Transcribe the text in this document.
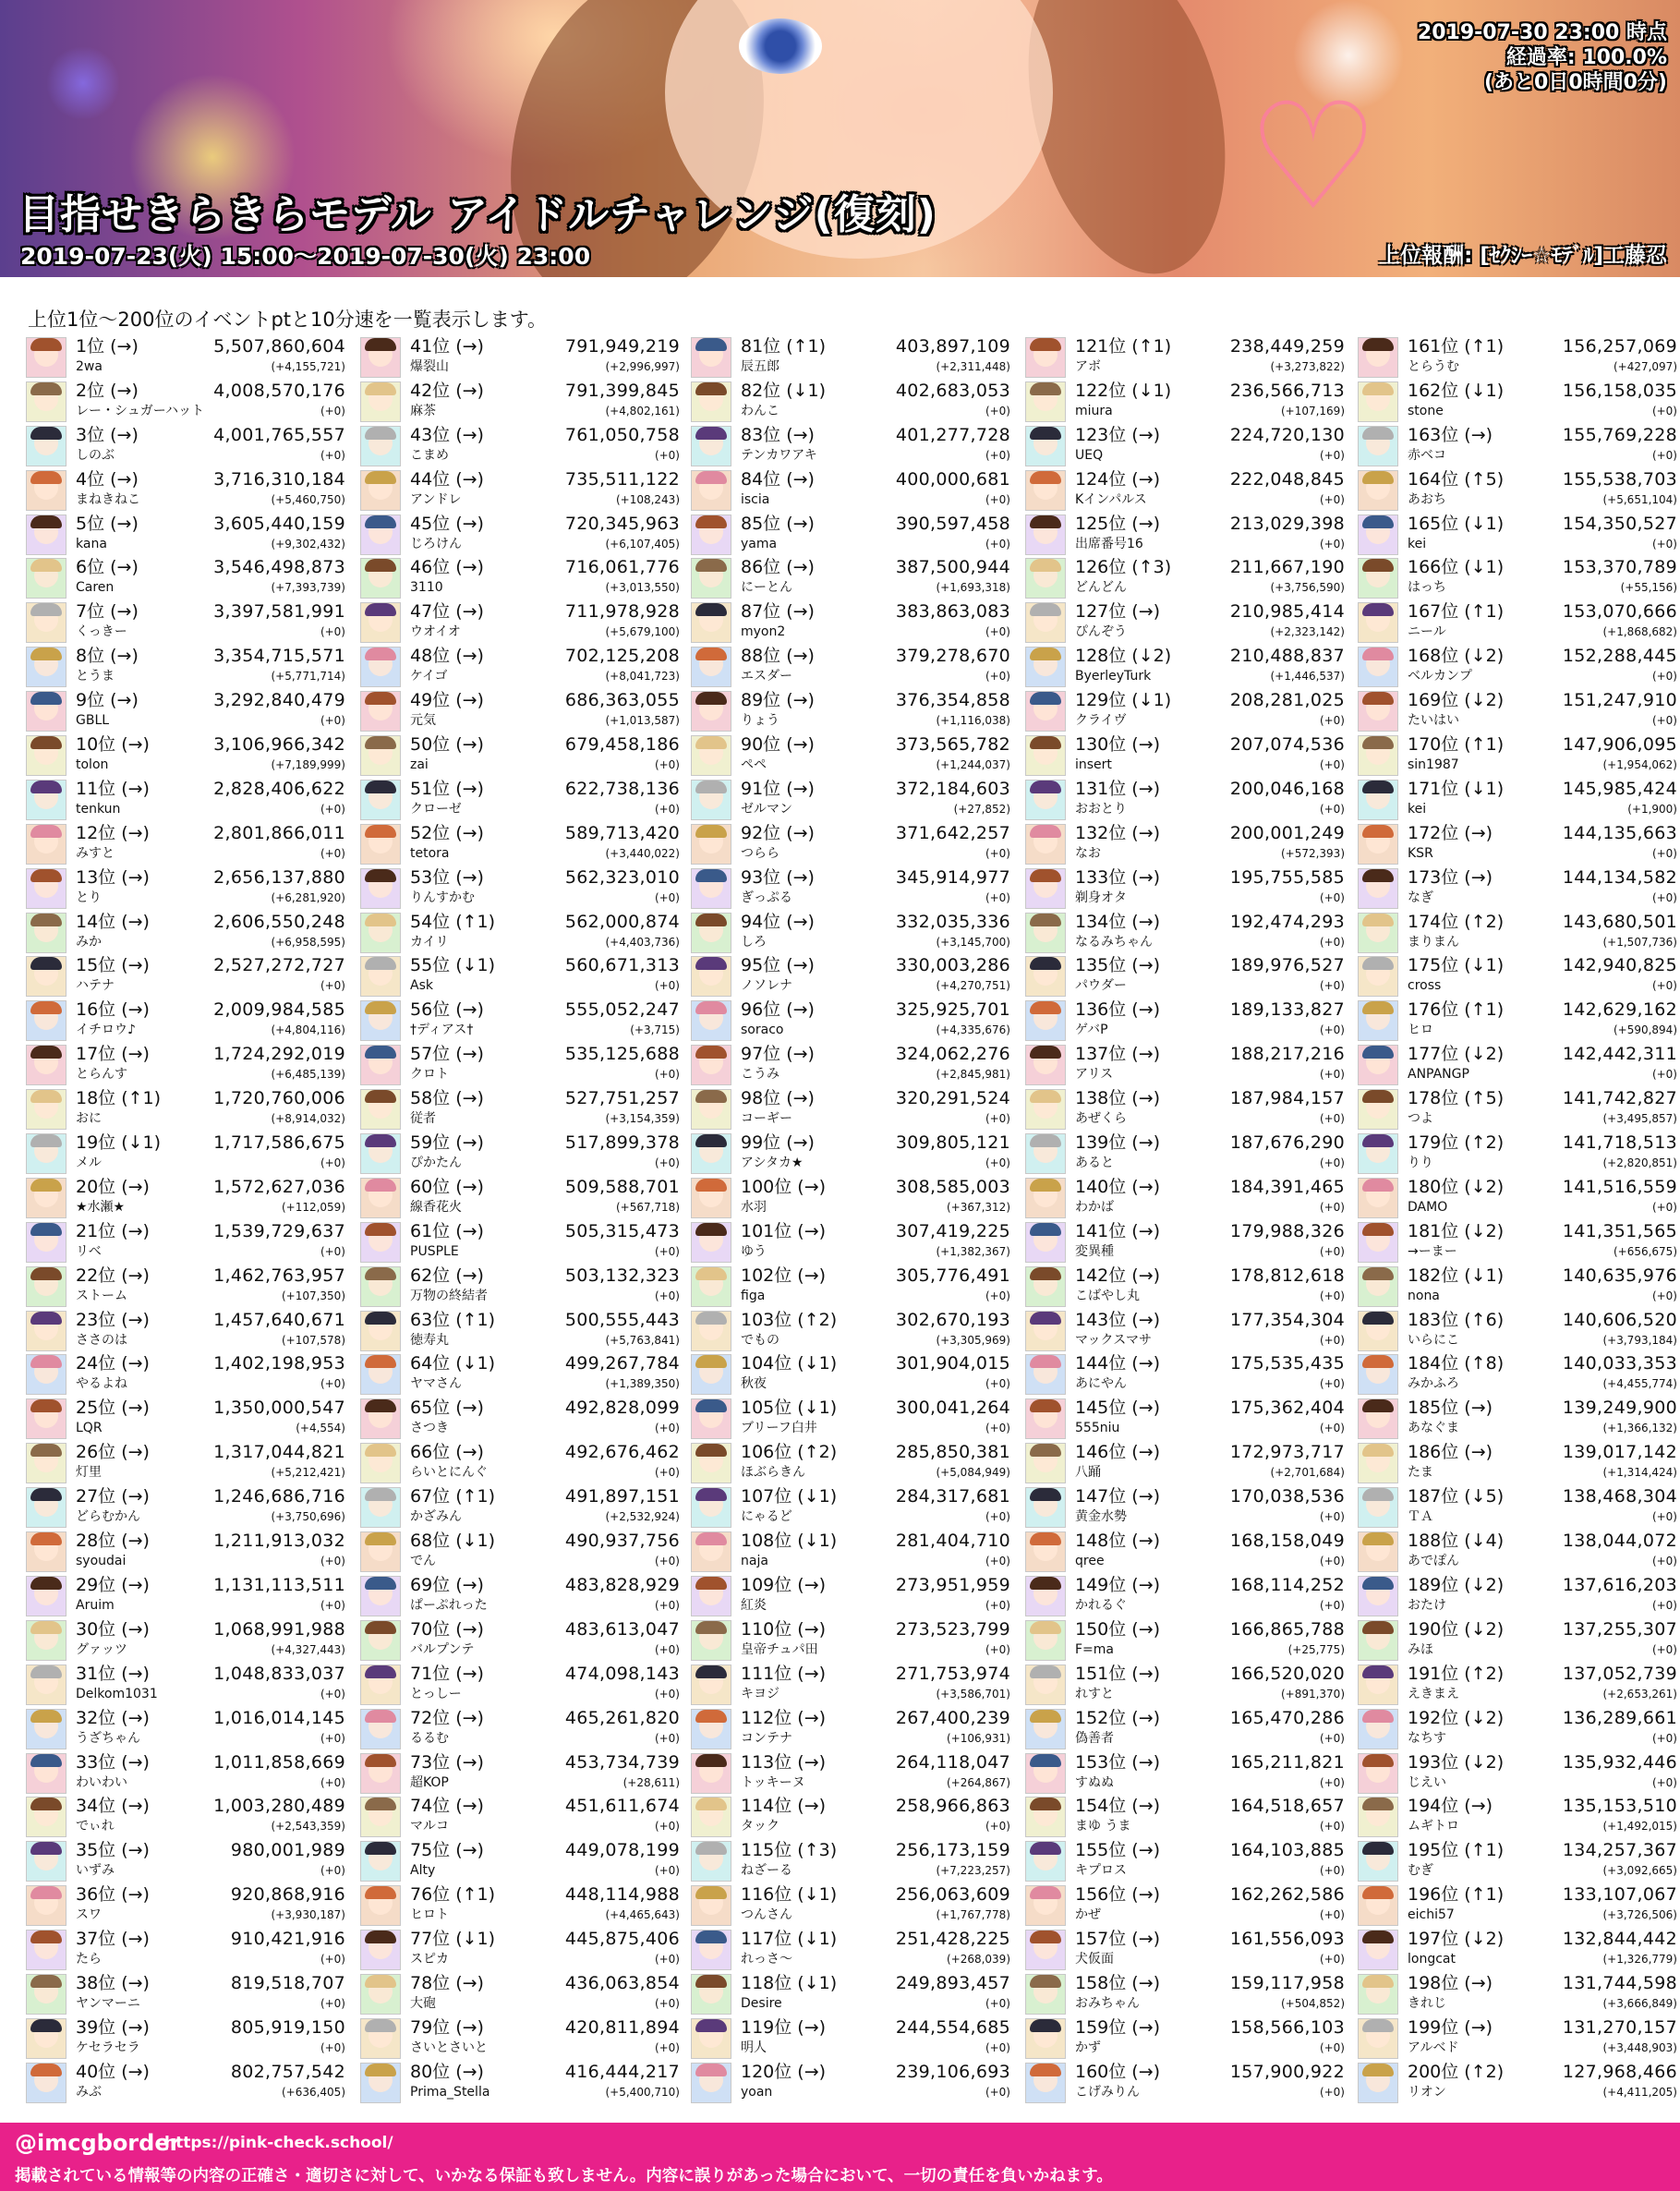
♡
2019-07-30 23:00 時点
経過率: 100.0%
(あと0日0時間0分)
目指せきらきらモデル アイドルチャレンジ(復刻)
2019-07-23(火) 15:00～2019-07-30(火) 23:00	上位報酬: [ｾｸｼｰ☆ﾓﾃﾞﾙ]工藤忍
上位1位～200位のイベントptと10分速を一覧表示します。
1位 (→)	5,507,860,604
2wa	(+4,155,721)
2位 (→)	4,008,570,176
レー・シュガーハット	(+0)
3位 (→)	4,001,765,557
しのぶ	(+0)
4位 (→)	3,716,310,184
まねきねこ	(+5,460,750)
5位 (→)	3,605,440,159
kana	(+9,302,432)
6位 (→)	3,546,498,873
Caren	(+7,393,739)
7位 (→)	3,397,581,991
くっきー	(+0)
8位 (→)	3,354,715,571
とうま	(+5,771,714)
9位 (→)	3,292,840,479
GBLL	(+0)
10位 (→)	3,106,966,342
tolon	(+7,189,999)
11位 (→)	2,828,406,622
tenkun	(+0)
12位 (→)	2,801,866,011
みすと	(+0)
13位 (→)	2,656,137,880
とり	(+6,281,920)
14位 (→)	2,606,550,248
みか	(+6,958,595)
15位 (→)	2,527,272,727
ハテナ	(+0)
16位 (→)	2,009,984,585
イチロウ♪	(+4,804,116)
17位 (→)	1,724,292,019
とらんす	(+6,485,139)
18位 (↑1)	1,720,760,006
おに	(+8,914,032)
19位 (↓1)	1,717,586,675
メル	(+0)
20位 (→)	1,572,627,036
★水瀬★	(+112,059)
21位 (→)	1,539,729,637
リベ	(+0)
22位 (→)	1,462,763,957
ストーム	(+107,350)
23位 (→)	1,457,640,671
ささのは	(+107,578)
24位 (→)	1,402,198,953
やるよね	(+0)
25位 (→)	1,350,000,547
LQR	(+4,554)
26位 (→)	1,317,044,821
灯里	(+5,212,421)
27位 (→)	1,246,686,716
どらむかん	(+3,750,696)
28位 (→)	1,211,913,032
syoudai	(+0)
29位 (→)	1,131,113,511
Aruim	(+0)
30位 (→)	1,068,991,988
グァッツ	(+4,327,443)
31位 (→)	1,048,833,037
Delkom1031	(+0)
32位 (→)	1,016,014,145
うざちゃん	(+0)
33位 (→)	1,011,858,669
わいわい	(+0)
34位 (→)	1,003,280,489
でぃれ	(+2,543,359)
35位 (→)	980,001,989
いずみ	(+0)
36位 (→)	920,868,916
スワ	(+3,930,187)
37位 (→)	910,421,916
たら	(+0)
38位 (→)	819,518,707
ヤンマーニ	(+0)
39位 (→)	805,919,150
ケセラセラ	(+0)
40位 (→)	802,757,542
みぶ	(+636,405)
41位 (→)	791,949,219
爆裂山	(+2,996,997)
42位 (→)	791,399,845
麻茶	(+4,802,161)
43位 (→)	761,050,758
こまめ	(+0)
44位 (→)	735,511,122
アンドレ	(+108,243)
45位 (→)	720,345,963
じろけん	(+6,107,405)
46位 (→)	716,061,776
3110	(+3,013,550)
47位 (→)	711,978,928
ウオイオ	(+5,679,100)
48位 (→)	702,125,208
ケイゴ	(+8,041,723)
49位 (→)	686,363,055
元気	(+1,013,587)
50位 (→)	679,458,186
zai	(+0)
51位 (→)	622,738,136
クローゼ	(+0)
52位 (→)	589,713,420
tetora	(+3,440,022)
53位 (→)	562,323,010
りんすかむ	(+0)
54位 (↑1)	562,000,874
カイリ	(+4,403,736)
55位 (↓1)	560,671,313
Ask	(+0)
56位 (→)	555,052,247
†ディアス†	(+3,715)
57位 (→)	535,125,688
クロト	(+0)
58位 (→)	527,751,257
従者	(+3,154,359)
59位 (→)	517,899,378
ぴかたん	(+0)
60位 (→)	509,588,701
線香花火	(+567,718)
61位 (→)	505,315,473
PUSPLE	(+0)
62位 (→)	503,132,323
万物の終結者	(+0)
63位 (↑1)	500,555,443
徳寿丸	(+5,763,841)
64位 (↓1)	499,267,784
ヤマさん	(+1,389,350)
65位 (→)	492,828,099
さつき	(+0)
66位 (→)	492,676,462
らいとにんぐ	(+0)
67位 (↑1)	491,897,151
かざみん	(+2,532,924)
68位 (↓1)	490,937,756
でん	(+0)
69位 (→)	483,828,929
ぱーぷれった	(+0)
70位 (→)	483,613,047
バルプンテ	(+0)
71位 (→)	474,098,143
とっしー	(+0)
72位 (→)	465,261,820
るるむ	(+0)
73位 (→)	453,734,739
超KOP	(+28,611)
74位 (→)	451,611,674
マルコ	(+0)
75位 (→)	449,078,199
Alty	(+0)
76位 (↑1)	448,114,988
ヒロト	(+4,465,643)
77位 (↓1)	445,875,406
スピカ	(+0)
78位 (→)	436,063,854
大砲	(+0)
79位 (→)	420,811,894
さいとさいと	(+0)
80位 (→)	416,444,217
Prima_Stella	(+5,400,710)
81位 (↑1)	403,897,109
辰五郎	(+2,311,448)
82位 (↓1)	402,683,053
わんこ	(+0)
83位 (→)	401,277,728
テンカワアキ	(+0)
84位 (→)	400,000,681
iscia	(+0)
85位 (→)	390,597,458
yama	(+0)
86位 (→)	387,500,944
にーとん	(+1,693,318)
87位 (→)	383,863,083
myon2	(+0)
88位 (→)	379,278,670
エスダー	(+0)
89位 (→)	376,354,858
りょう	(+1,116,038)
90位 (→)	373,565,782
ペペ	(+1,244,037)
91位 (→)	372,184,603
ゼルマン	(+27,852)
92位 (→)	371,642,257
つらら	(+0)
93位 (→)	345,914,977
ぎっぷる	(+0)
94位 (→)	332,035,336
しろ	(+3,145,700)
95位 (→)	330,003,286
ノソレナ	(+4,270,751)
96位 (→)	325,925,701
soraco	(+4,335,676)
97位 (→)	324,062,276
こうみ	(+2,845,981)
98位 (→)	320,291,524
コーギー	(+0)
99位 (→)	309,805,121
アシタカ★	(+0)
100位 (→)	308,585,003
水羽	(+367,312)
101位 (→)	307,419,225
ゆう	(+1,382,367)
102位 (→)	305,776,491
figa	(+0)
103位 (↑2)	302,670,193
でもの	(+3,305,969)
104位 (↓1)	301,904,015
秋夜	(+0)
105位 (↓1)	300,041,264
ブリーフ白井	(+0)
106位 (↑2)	285,850,381
ほぶらきん	(+5,084,949)
107位 (↓1)	284,317,681
にゃるど	(+0)
108位 (↓1)	281,404,710
naja	(+0)
109位 (→)	273,951,959
紅炎	(+0)
110位 (→)	273,523,799
皇帝チュパ田	(+0)
111位 (→)	271,753,974
キヨジ	(+3,586,701)
112位 (→)	267,400,239
コンテナ	(+106,931)
113位 (→)	264,118,047
トッキーヌ	(+264,867)
114位 (→)	258,966,863
タック	(+0)
115位 (↑3)	256,173,159
ねざーる	(+7,223,257)
116位 (↓1)	256,063,609
つんさん	(+1,767,778)
117位 (↓1)	251,428,225
れっさ～	(+268,039)
118位 (↓1)	249,893,457
Desire	(+0)
119位 (→)	244,554,685
明人	(+0)
120位 (→)	239,106,693
yoan	(+0)
121位 (↑1)	238,449,259
アボ	(+3,273,822)
122位 (↓1)	236,566,713
miura	(+107,169)
123位 (→)	224,720,130
UEQ	(+0)
124位 (→)	222,048,845
Kインパルス	(+0)
125位 (→)	213,029,398
出席番号16	(+0)
126位 (↑3)	211,667,190
どんどん	(+3,756,590)
127位 (→)	210,985,414
ぴんぞう	(+2,323,142)
128位 (↓2)	210,488,837
ByerleyTurk	(+1,446,537)
129位 (↓1)	208,281,025
クライヴ	(+0)
130位 (→)	207,074,536
insert	(+0)
131位 (→)	200,046,168
おおとり	(+0)
132位 (→)	200,001,249
なお	(+572,393)
133位 (→)	195,755,585
剃身オタ	(+0)
134位 (→)	192,474,293
なるみちゃん	(+0)
135位 (→)	189,976,527
パウダー	(+0)
136位 (→)	189,133,827
ゲバP	(+0)
137位 (→)	188,217,216
アリス	(+0)
138位 (→)	187,984,157
あぜくら	(+0)
139位 (→)	187,676,290
あると	(+0)
140位 (→)	184,391,465
わかば	(+0)
141位 (→)	179,988,326
変異種	(+0)
142位 (→)	178,812,618
こばやし丸	(+0)
143位 (→)	177,354,304
マックスマサ	(+0)
144位 (→)	175,535,435
あにやん	(+0)
145位 (→)	175,362,404
555niu	(+0)
146位 (→)	172,973,717
八踊	(+2,701,684)
147位 (→)	170,038,536
黄金水勢	(+0)
148位 (→)	168,158,049
qree	(+0)
149位 (→)	168,114,252
かれるぐ	(+0)
150位 (→)	166,865,788
F=ma	(+25,775)
151位 (→)	166,520,020
れすと	(+891,370)
152位 (→)	165,470,286
偽善者	(+0)
153位 (→)	165,211,821
すぬぬ	(+0)
154位 (→)	164,518,657
まゆ うま	(+0)
155位 (→)	164,103,885
キプロス	(+0)
156位 (→)	162,262,586
かぜ	(+0)
157位 (→)	161,556,093
犬仮面	(+0)
158位 (→)	159,117,958
おみちゃん	(+504,852)
159位 (→)	158,566,103
かず	(+0)
160位 (→)	157,900,922
こげみりん	(+0)
161位 (↑1)	156,257,069
とらうむ	(+427,097)
162位 (↓1)	156,158,035
stone	(+0)
163位 (→)	155,769,228
赤ベコ	(+0)
164位 (↑5)	155,538,703
あおち	(+5,651,104)
165位 (↓1)	154,350,527
kei	(+0)
166位 (↓1)	153,370,789
はっち	(+55,156)
167位 (↑1)	153,070,666
ニール	(+1,868,682)
168位 (↓2)	152,288,445
ベルカンプ	(+0)
169位 (↓2)	151,247,910
たいはい	(+0)
170位 (↑1)	147,906,095
sin1987	(+1,954,062)
171位 (↓1)	145,985,424
kei	(+1,900)
172位 (→)	144,135,663
KSR	(+0)
173位 (→)	144,134,582
なぎ	(+0)
174位 (↑2)	143,680,501
まりまん	(+1,507,736)
175位 (↓1)	142,940,825
cross	(+0)
176位 (↑1)	142,629,162
ヒロ	(+590,894)
177位 (↓2)	142,442,311
ANPANGP	(+0)
178位 (↑5)	141,742,827
つよ	(+3,495,857)
179位 (↑2)	141,718,513
りり	(+2,820,851)
180位 (↓2)	141,516,559
DAMO	(+0)
181位 (↓2)	141,351,565
→ーまー	(+656,675)
182位 (↓1)	140,635,976
nona	(+0)
183位 (↑6)	140,606,520
いらにこ	(+3,793,184)
184位 (↑8)	140,033,353
みかふろ	(+4,455,774)
185位 (→)	139,249,900
あなぐま	(+1,366,132)
186位 (→)	139,017,142
たま	(+1,314,424)
187位 (↓5)	138,468,304
ＴＡ	(+0)
188位 (↓4)	138,044,072
あでぽん	(+0)
189位 (↓2)	137,616,203
おたけ	(+0)
190位 (↓2)	137,255,307
みほ	(+0)
191位 (↑2)	137,052,739
えきまえ	(+2,653,261)
192位 (↓2)	136,289,661
なちす	(+0)
193位 (↓2)	135,932,446
じえい	(+0)
194位 (→)	135,153,510
ムギトロ	(+1,492,015)
195位 (↑1)	134,257,367
むぎ	(+3,092,665)
196位 (↑1)	133,107,067
eichi57	(+3,726,506)
197位 (↓2)	132,844,442
longcat	(+1,326,779)
198位 (→)	131,744,598
きれじ	(+3,666,849)
199位 (→)	131,270,157
アルベド	(+3,448,903)
200位 (↑2)	127,968,466
リオン	(+4,411,205)
@imcgborder
https://pink-check.school/
掲載されている情報等の内容の正確さ・適切さに対して、いかなる保証も致しません。内容に誤りがあった場合において、一切の責任を負いかねます。
